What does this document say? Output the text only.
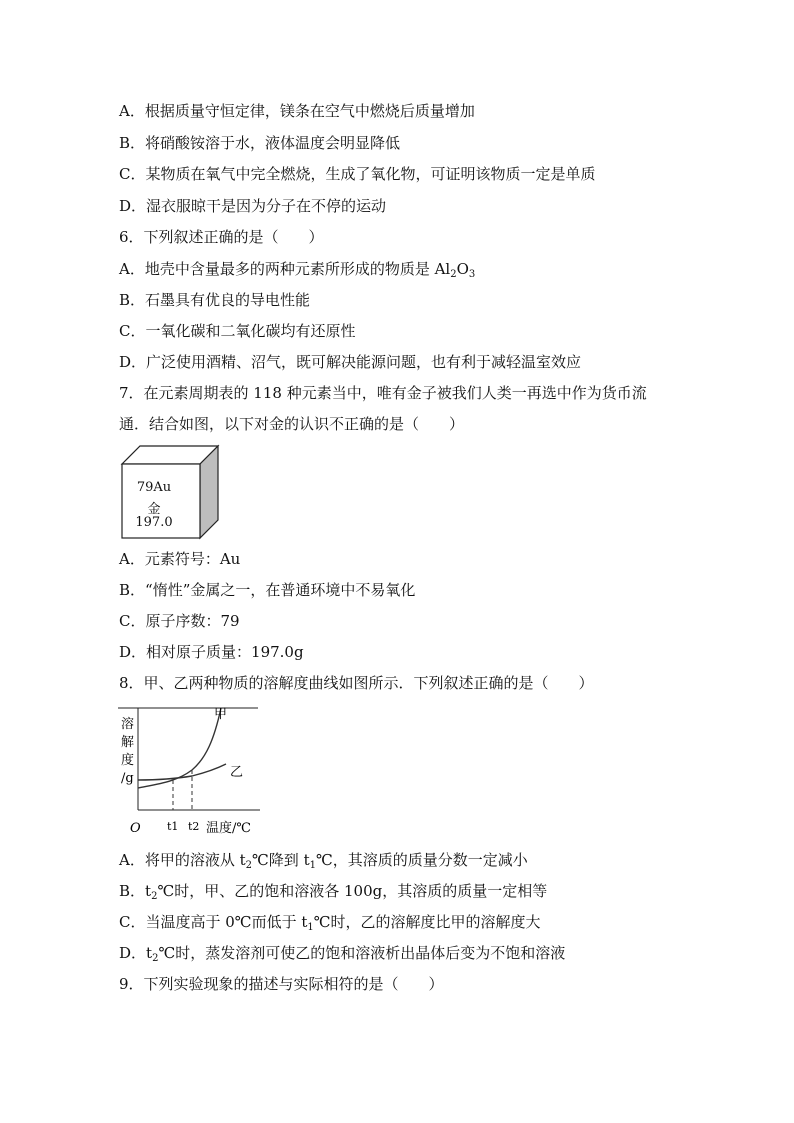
A．根据质量守恒定律，镁条在空气中燃烧后质量增加
B．将硝酸铵溶于水，液体温度会明显降低
C．某物质在氧气中完全燃烧，生成了氧化物，可证明该物质一定是单质
D．湿衣服晾干是因为分子在不停的运动
6．下列叙述正确的是（　　）
A．地壳中含量最多的两种元素所形成的物质是 $Al_2O_3$
B．石墨具有优良的导电性能
C．一氧化碳和二氧化碳均有还原性
D．广泛使用酒精、沼气，既可解决能源问题，也有利于减轻温室效应
7．在元素周期表的 118 种元素当中，唯有金子被我们人类一再选中作为货币流
通．结合如图，以下对金的认识不正确的是（　　）
79Au
金
197.0
A．元素符号：Au
B．“惰性”金属之一，在普通环境中不易氧化
C．原子序数：79
D．相对原子质量：197.0g
8．甲、乙两种物质的溶解度曲线如图所示．下列叙述正确的是（　　）
溶
解
度
/g
甲
乙
O t1 t2 温度/℃
A．将甲的溶液从 $t_2℃$降到 $t_1℃$，其溶质的质量分数一定减小
B．$t_2℃$时，甲、乙的饱和溶液各 100g，其溶质的质量一定相等
C．当温度高于 0℃而低于 $t_1℃$时，乙的溶解度比甲的溶解度大
D．$t_2℃$时，蒸发溶剂可使乙的饱和溶液析出晶体后变为不饱和溶液
9．下列实验现象的描述与实际相符的是（　　）
